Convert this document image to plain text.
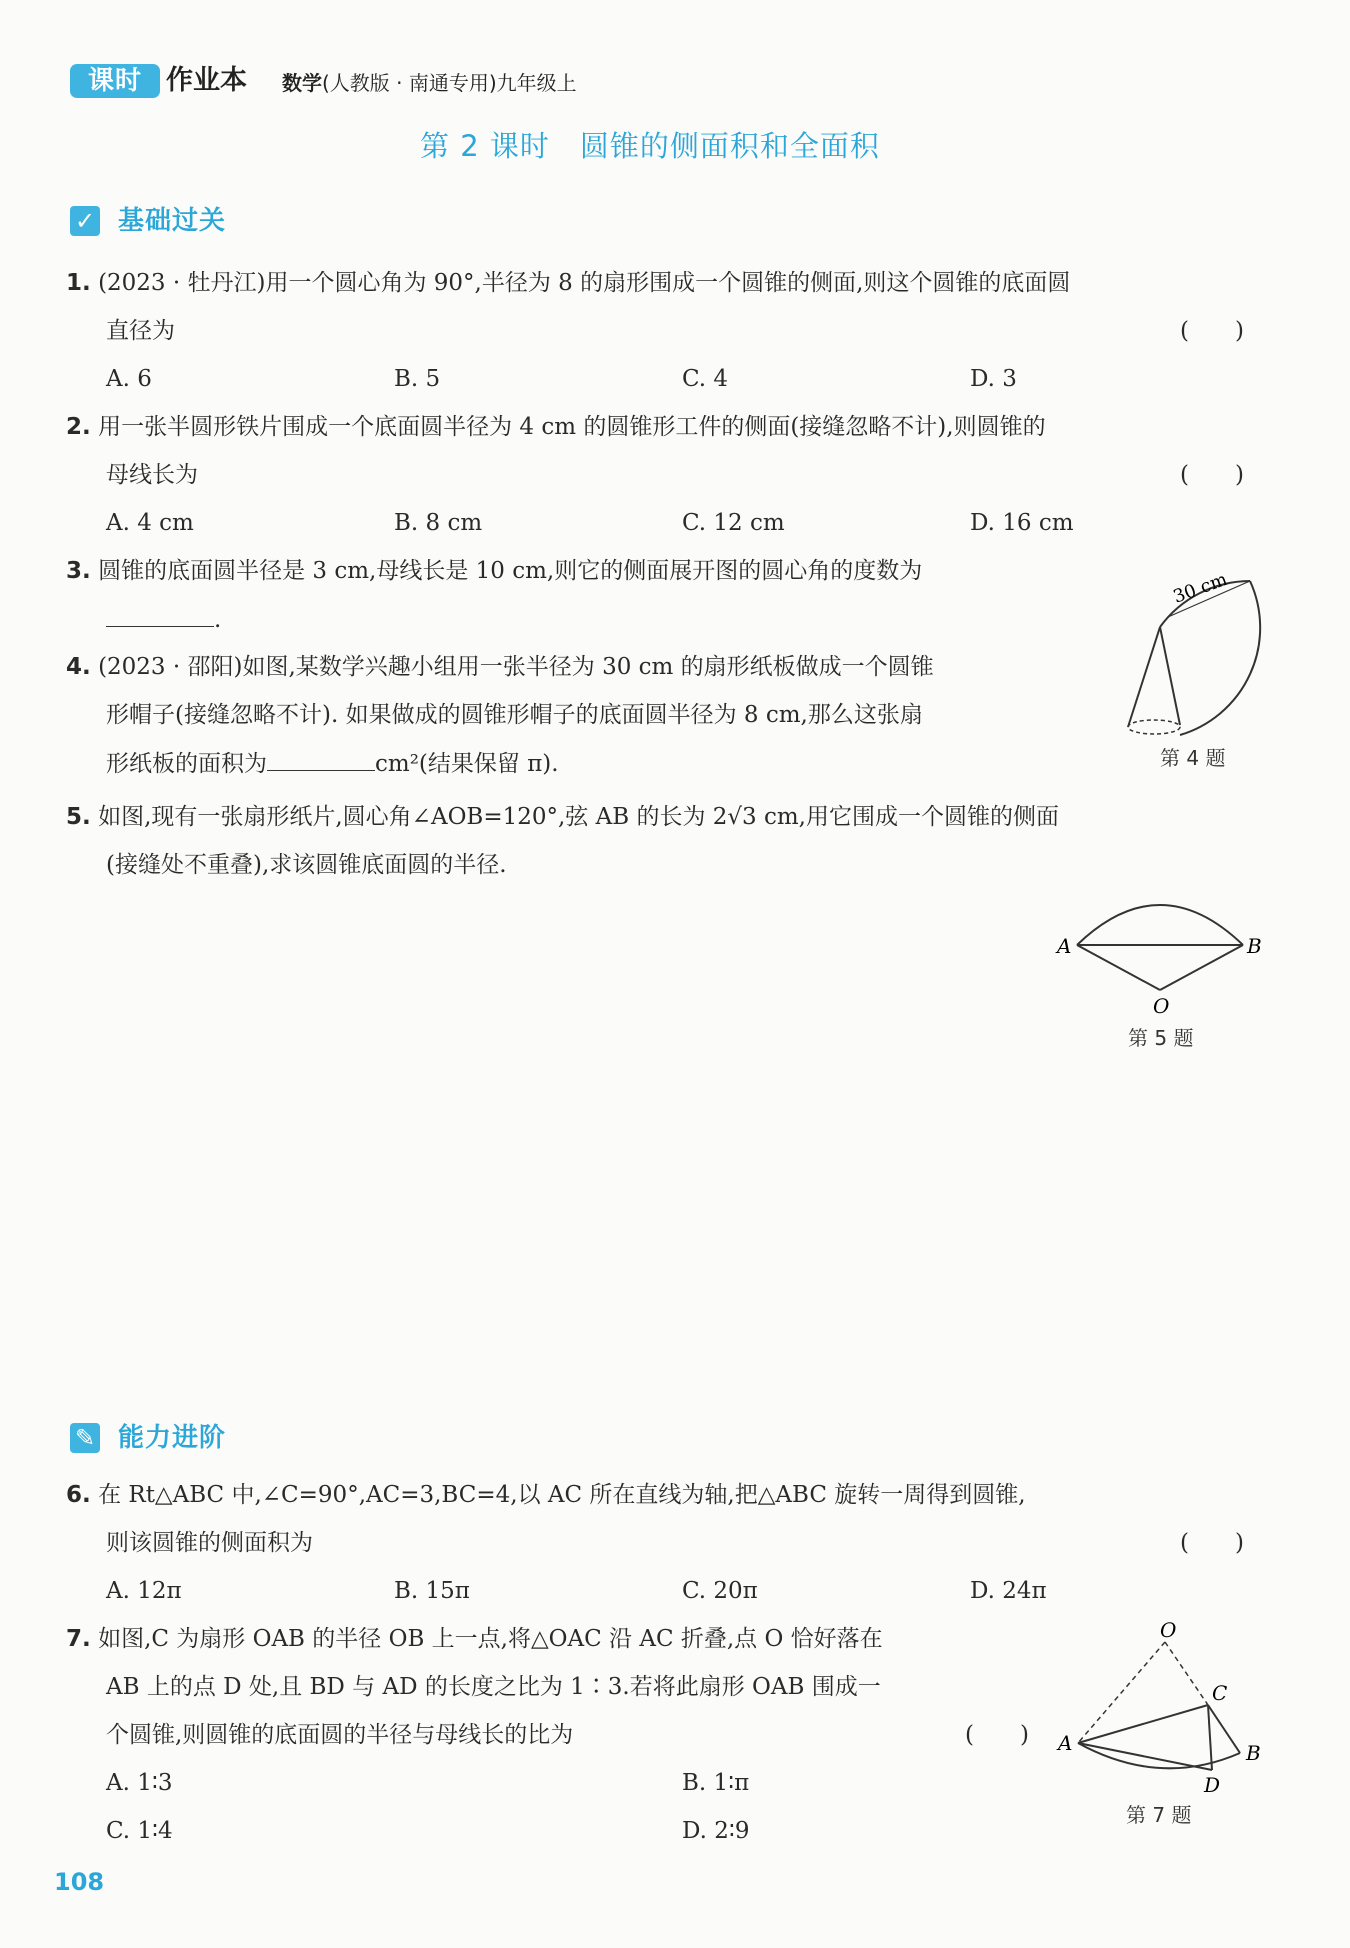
课时 作业本 数学(人教版 · 南通专用)九年级上
第 2 课时　圆锥的侧面积和全面积
✓ 基础过关
1. (2023 · 牡丹江)用一个圆心角为 90°,半径为 8 的扇形围成一个圆锥的侧面,则这个圆锥的底面圆
直径为	(　　)
A. 6	B. 5	C. 4	D. 3
2. 用一张半圆形铁片围成一个底面圆半径为 4 cm 的圆锥形工件的侧面(接缝忽略不计),则圆锥的
母线长为	(　　)
A. 4 cm	B. 8 cm	C. 12 cm	D. 16 cm
3. 圆锥的底面圆半径是 3 cm,母线长是 10 cm,则它的侧面展开图的圆心角的度数为
.
4. (2023 · 邵阳)如图,某数学兴趣小组用一张半径为 30 cm 的扇形纸板做成一个圆锥
形帽子(接缝忽略不计). 如果做成的圆锥形帽子的底面圆半径为 8 cm,那么这张扇
形纸板的面积为	cm²(结果保留 π).
30 cm
第 4 题
5. 如图,现有一张扇形纸片,圆心角∠AOB=120°,弦 AB 的长为 2√3 cm,用它围成一个圆锥的侧面
(接缝处不重叠),求该圆锥底面圆的半径.
A	B
O
第 5 题
✎ 能力进阶
6. 在 Rt△ABC 中,∠C=90°,AC=3,BC=4,以 AC 所在直线为轴,把△ABC 旋转一周得到圆锥,
则该圆锥的侧面积为	(　　)
A. 12π	B. 15π	C. 20π	D. 24π
7. 如图,C 为扇形 OAB 的半径 OB 上一点,将△OAC 沿 AC 折叠,点 O 恰好落在
AB 上的点 D 处,且 BD 与 AD 的长度之比为 1∶3.若将此扇形 OAB 围成一
个圆锥,则圆锥的底面圆的半径与母线长的比为	(　　)
A. 1∶3	B. 1∶π
C. 1∶4	D. 2∶9
O
C
A	B
D
第 7 题
108
